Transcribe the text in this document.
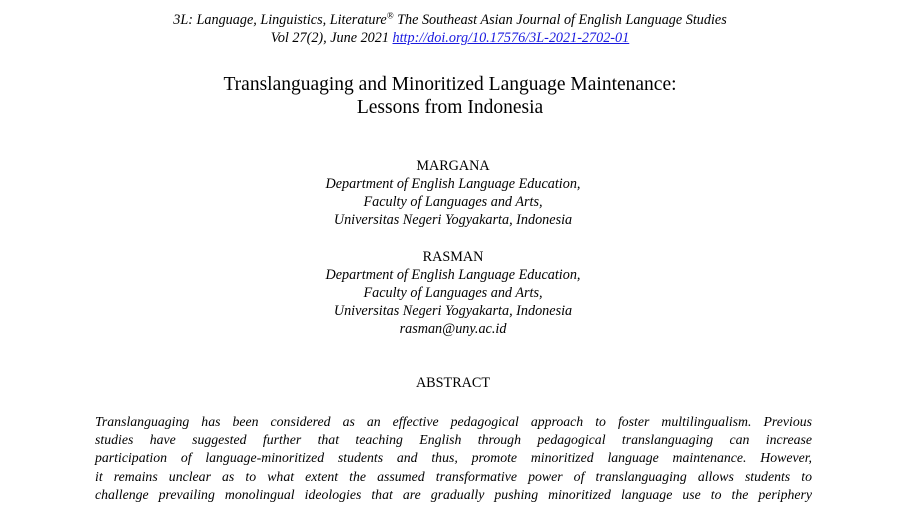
3L: Language, Linguistics, Literature® The Southeast Asian Journal of English Language Studies
Vol 27(2), June 2021 http://doi.org/10.17576/3L-2021-2702-01
Translanguaging and Minoritized Language Maintenance:
Lessons from Indonesia
MARGANA
Department of English Language Education,
Faculty of Languages and Arts,
Universitas Negeri Yogyakarta, Indonesia
RASMAN
Department of English Language Education,
Faculty of Languages and Arts,
Universitas Negeri Yogyakarta, Indonesia
rasman@uny.ac.id
ABSTRACT
Translanguaging has been considered as an effective pedagogical approach to foster multilingualism. Previous
studies have suggested further that teaching English through pedagogical translanguaging can increase
participation of language-minoritized students and thus, promote minoritized language maintenance. However,
it remains unclear as to what extent the assumed transformative power of translanguaging allows students to
challenge prevailing monolingual ideologies that are gradually pushing minoritized language use to the periphery
